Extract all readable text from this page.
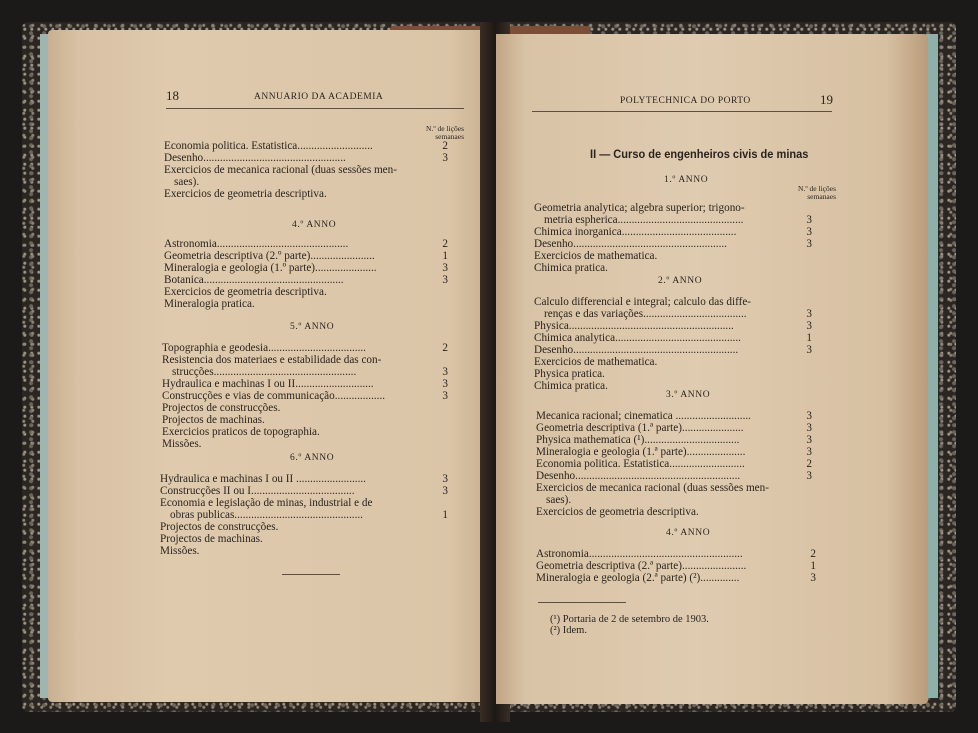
18	ANNUARIO DA ACADEMIA
N.º de lições
semanaes
Economia politica. Estatistica...........................	2
Desenho...................................................	3
Exercicios de mecanica racional (duas sessões men-
saes).
Exercicios de geometria descriptiva.
4.º ANNO
Astronomia...............................................	2
Geometria descriptiva (2.º parte).......................	1
Mineralogia e geologia (1.º parte)......................	3
Botanica..................................................	3
Exercicios de geometria descriptiva.
Mineralogia pratica.
5.º ANNO
Topographia e geodesia...................................	2
Resistencia dos materiaes e estabilidade das con-
strucções...................................................	3
Hydraulica e machinas I ou II............................	3
Construcções e vias de communicação..................	3
Projectos de construcções.
Projectos de machinas.
Exercicios praticos de topographia.
Missões.
6.º ANNO
Hydraulica e machinas I ou II .........................	3
Construcções II ou I.....................................	3
Economia e legislação de minas, industrial e de
obras publicas..............................................	1
Projectos de construcções.
Projectos de machinas.
Missões.
POLYTECHNICA DO PORTO	19
II — Curso de engenheiros civis de minas
1.º ANNO
N.º de lições
semanaes
Geometria analytica; algebra superior; trigono-
metria espherica.............................................	3
Chimica inorganica.........................................	3
Desenho.......................................................	3
Exercicios de mathematica.
Chimica pratica.
2.º ANNO
Calculo differencial e integral; calculo das diffe-
renças e das variações.....................................	3
Physica...........................................................	3
Chimica analytica.............................................	1
Desenho...........................................................	3
Exercicios de mathematica.
Physica pratica.
Chimica pratica.
3.º ANNO
Mecanica racional; cinematica ...........................	3
Geometria descriptiva (1.ª parte)......................	3
Physica mathematica (¹)..................................	3
Mineralogia e geologia (1.ª parte).....................	3
Economia politica. Estatistica...........................	2
Desenho...........................................................	3
Exercicios de mecanica racional (duas sessões men-
saes).
Exercicios de geometria descriptiva.
4.º ANNO
Astronomia.......................................................	2
Geometria descriptiva (2.ª parte).......................	1
Mineralogia e geologia (2.ª parte) (²)..............	3
(¹) Portaria de 2 de setembro de 1903.
(²) Idem.
